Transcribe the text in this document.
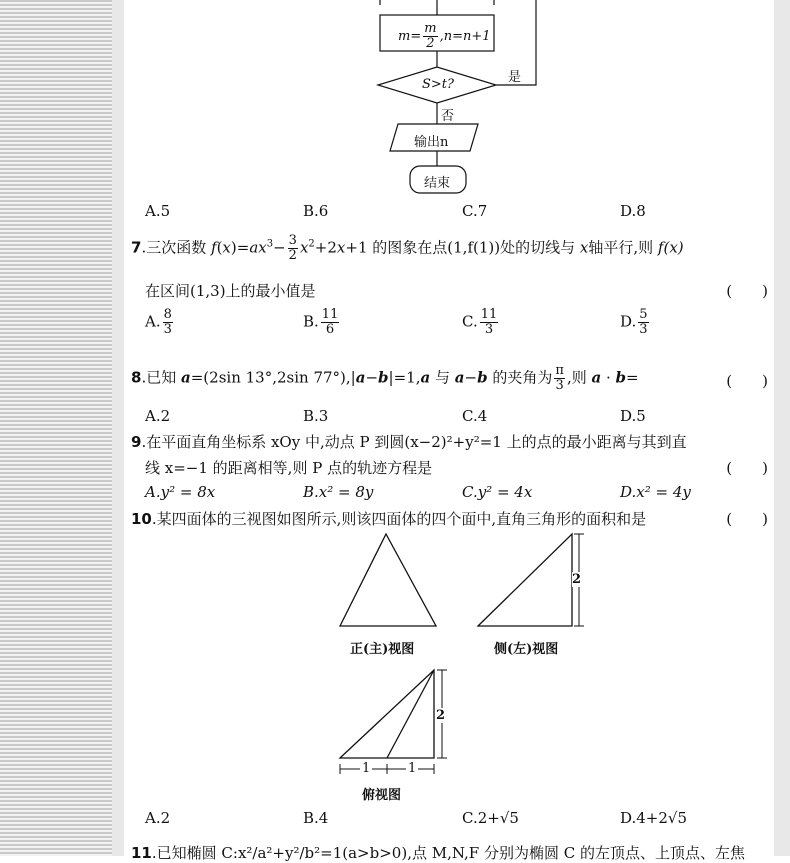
$m= \frac{m}{2} ,n=n+1$
S>t?	是
否
输出n
结束
A.5	B.6	C.7	D.8
7.三次函数 $f(x)=ax^3- \frac{3}{2} x^2+2x+1$ 的图象在点(1,f(1))处的切线与 x轴平行,则 f(x)
在区间(1,3)上的最小值是	(　　)
A. $\frac{8}{3}$	B. $\frac{11}{6}$	C. $\frac{11}{3}$	D. $\frac{5}{3}$
8.已知 a=(2sin 13°,2sin 77°),|a−b|=1,a 与 a−b 的夹角为 $\frac{\pi}{3}$ ,则 a · b=	(　　)
A.2	B.3	C.4	D.5
9.在平面直角坐标系 xOy 中,动点 P 到圆(x−2)²+y²=1 上的点的最小距离与其到直
线 x=−1 的距离相等,则 P 点的轨迹方程是	(　　)
A.y² = 8x	B.x² = 8y	C.y² = 4x	D.x² = 4y
10.某四面体的三视图如图所示,则该四面体的四个面中,直角三角形的面积和是	(　　)
2
2
1	1
正(主)视图	侧(左)视图
俯视图
A.2	B.4	C.2+√5	D.4+2√5
11.已知椭圆 C:x²/a²+y²/b²=1(a>b>0),点 M,N,F 分别为椭圆 C 的左顶点、上顶点、左焦
